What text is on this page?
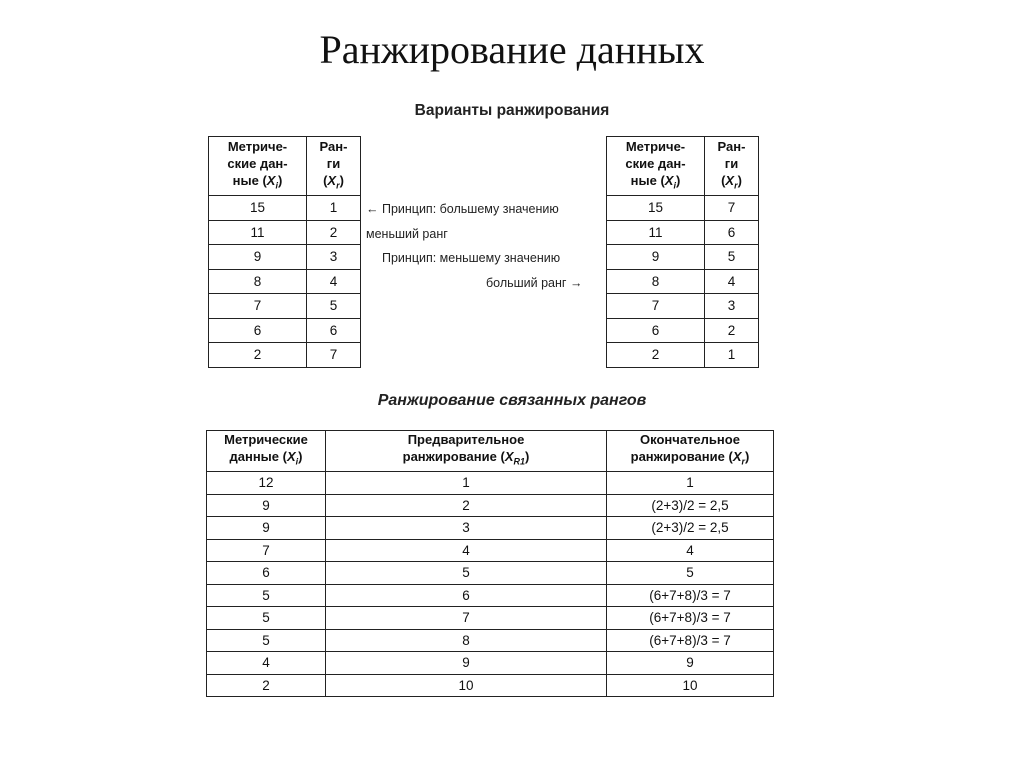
Ранжирование данных
Варианты ранжирования
Метриче-
ские дан-
ные $(X_i)$	Ран-
ги
$(X_r)$
15	1
11	2
9	3
8	4
7	5
6	6
2	7
← Принцип: большему значению
меньший ранг
Принцип: меньшему значению
больший ранг →
Метриче-
ские дан-
ные $(X_i)$	Ран-
ги
$(X_r)$
15	7
11	6
9	5
8	4
7	3
6	2
2	1
Ранжирование связанных рангов
Метрические
данные $(X_i)$	Предварительное
ранжирование $(X_{R1})$	Окончательное
ранжирование $(X_r)$
12	1	1
9	2	(2+3)/2 = 2,5
9	3	(2+3)/2 = 2,5
7	4	4
6	5	5
5	6	(6+7+8)/3 = 7
5	7	(6+7+8)/3 = 7
5	8	(6+7+8)/3 = 7
4	9	9
2	10	10
